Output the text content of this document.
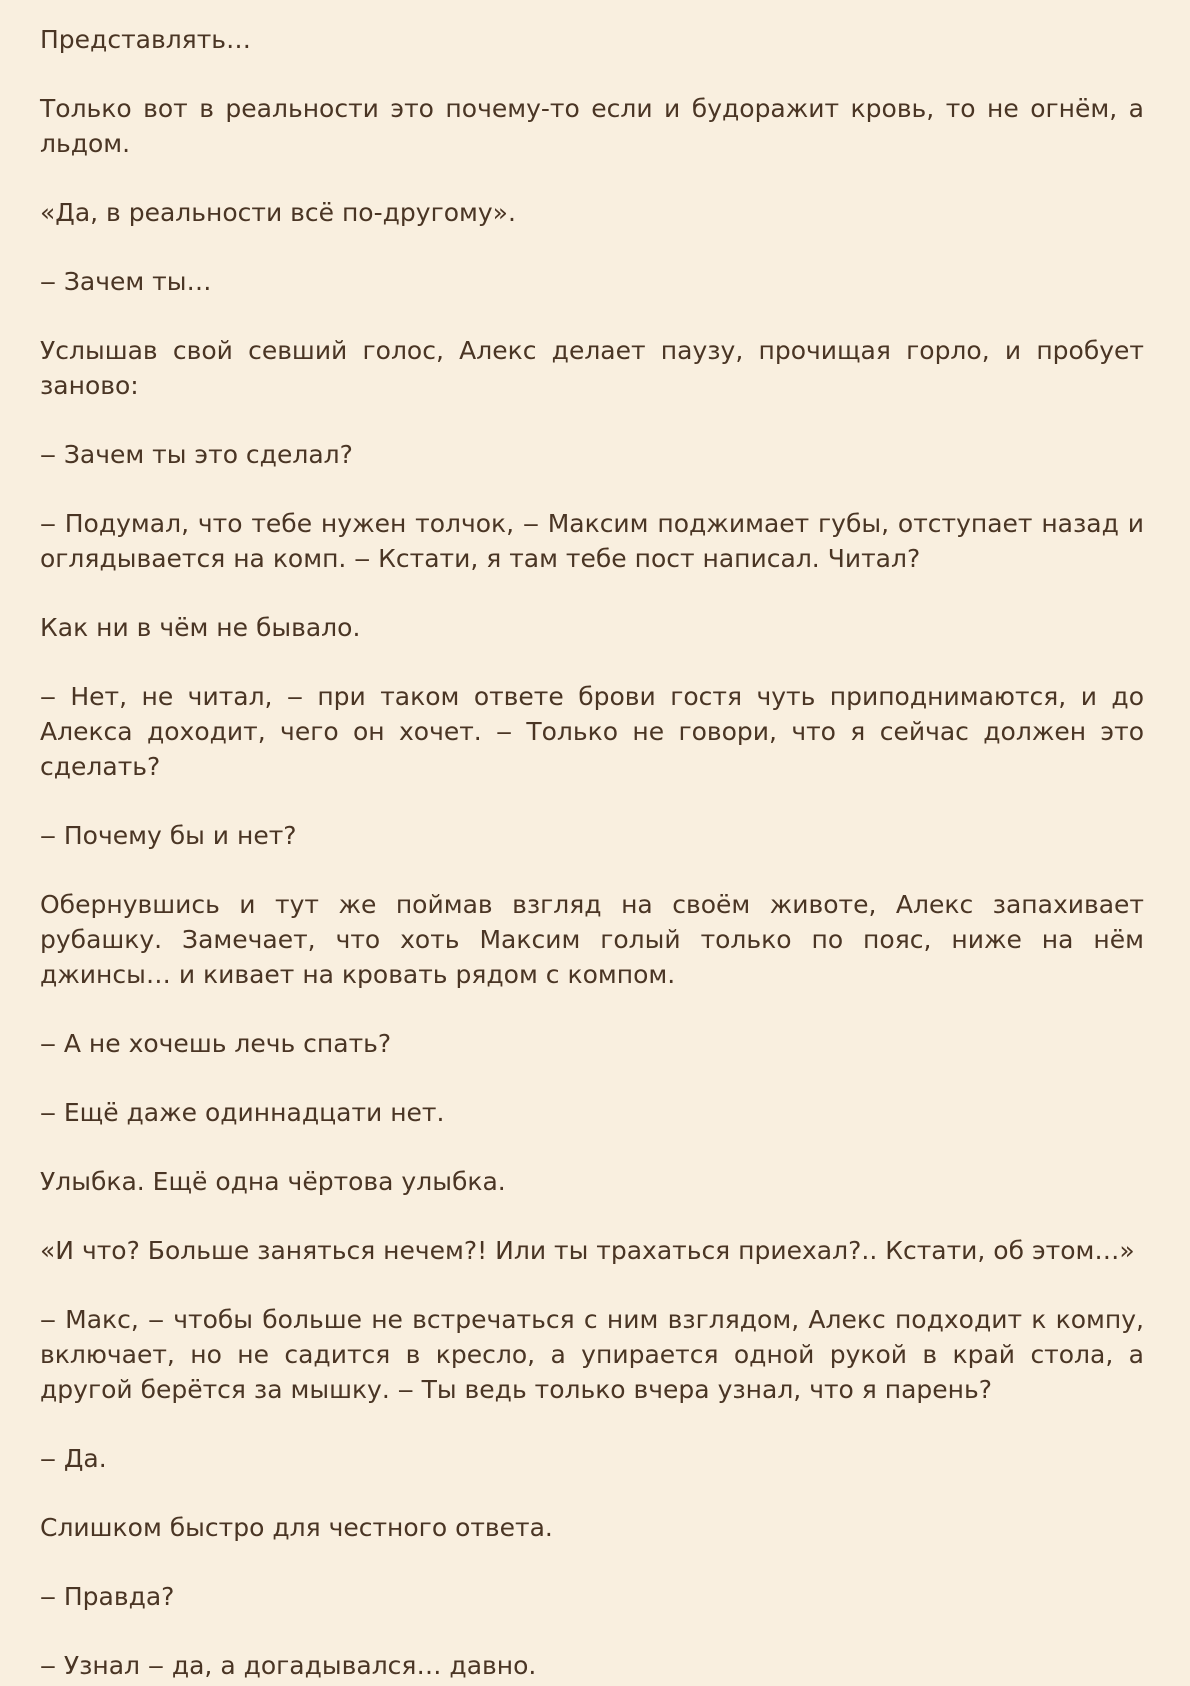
Представлять…

Только вот в реальности это почему-то если и будоражит кровь, то не огнём, а льдом.

«Да, в реальности всё по-другому».

‒ Зачем ты…

Услышав свой севший голос, Алекс делает паузу, прочищая горло, и пробует заново:

‒ Зачем ты это сделал?

‒ Подумал, что тебе нужен толчок, ‒ Максим поджимает губы, отступает назад и оглядывается на комп. ‒ Кстати, я там тебе пост написал. Читал?

Как ни в чём не бывало.

‒ Нет, не читал, ‒ при таком ответе брови гостя чуть приподнимаются, и до Алекса доходит, чего он хочет. ‒ Только не говори, что я сейчас должен это сделать?

‒ Почему бы и нет?

Обернувшись и тут же поймав взгляд на своём животе, Алекс запахивает рубашку. Замечает, что хоть Максим голый только по пояс, ниже на нём джинсы… и кивает на кровать рядом с компом.

‒ А не хочешь лечь спать?

‒ Ещё даже одиннадцати нет.

Улыбка. Ещё одна чёртова улыбка.

«И что? Больше заняться нечем?! Или ты трахаться приехал?.. Кстати, об этом…»

‒ Макс, ‒ чтобы больше не встречаться с ним взглядом, Алекс подходит к компу, включает, но не садится в кресло, а упирается одной рукой в край стола, а другой берётся за мышку. ‒ Ты ведь только вчера узнал, что я парень?

‒ Да.

Слишком быстро для честного ответа.

‒ Правда?

‒ Узнал ‒ да, а догадывался… давно.
